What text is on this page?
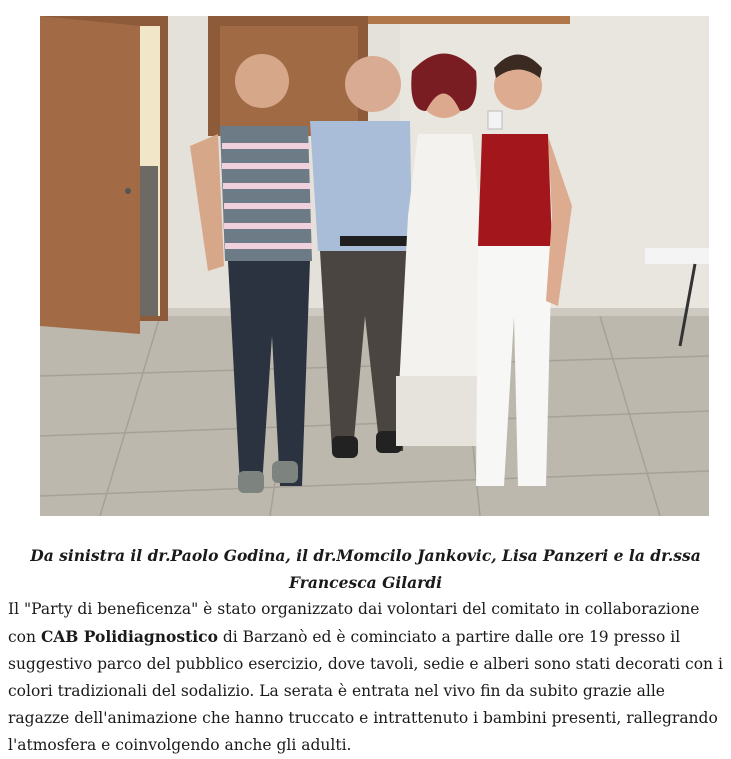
Da sinistra il dr.Paolo Godina, il dr.Momcilo Jankovic, Lisa Panzeri e la dr.ssa Francesca Gilardi

Il "Party di beneficenza" è stato organizzato dai volontari del comitato in collaborazione con CAB Polidiagnostico di Barzanò ed è cominciato a partire dalle ore 19 presso il suggestivo parco del pubblico esercizio, dove tavoli, sedie e alberi sono stati decorati con i colori tradizionali del sodalizio. La serata è entrata nel vivo fin da subito grazie alle ragazze dell'animazione che hanno truccato e intrattenuto i bambini presenti, rallegrando l'atmosfera e coinvolgendo anche gli adulti.
